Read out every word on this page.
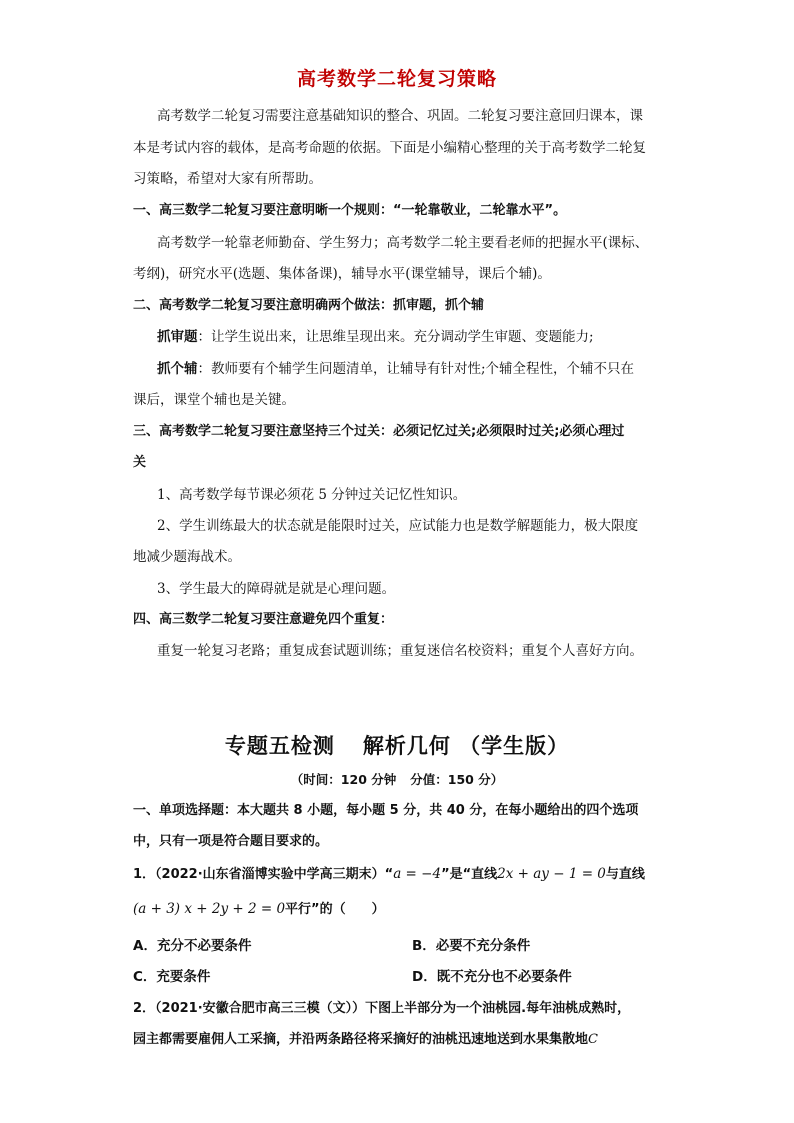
高考数学二轮复习策略
高考数学二轮复习需要注意基础知识的整合、巩固。二轮复习要注意回归课本，课
本是考试内容的载体，是高考命题的依据。下面是小编精心整理的关于高考数学二轮复
习策略，希望对大家有所帮助。
一、高三数学二轮复习要注意明晰一个规则：“一轮靠敬业，二轮靠水平”。
高考数学一轮靠老师勤奋、学生努力；高考数学二轮主要看老师的把握水平(课标、
考纲)，研究水平(选题、集体备课)，辅导水平(课堂辅导，课后个辅)。
二、高考数学二轮复习要注意明确两个做法：抓审题，抓个辅
抓审题：让学生说出来，让思维呈现出来。充分调动学生审题、变题能力;
抓个辅：教师要有个辅学生问题清单，让辅导有针对性;个辅全程性，个辅不只在
课后，课堂个辅也是关键。
三、高考数学二轮复习要注意坚持三个过关：必须记忆过关;必须限时过关;必须心理过
关
1、高考数学每节课必须花 5 分钟过关记忆性知识。
2、学生训练最大的状态就是能限时过关，应试能力也是数学解题能力，极大限度
地减少题海战术。
3、学生最大的障碍就是就是心理问题。
四、高三数学二轮复习要注意避免四个重复：
重复一轮复习老路；重复成套试题训练；重复迷信名校资料；重复个人喜好方向。
专题五检测 解析几何 （学生版）
（时间：120 分钟 分值：150 分）
一、单项选择题：本大题共 8 小题，每小题 5 分，共 40 分，在每小题给出的四个选项
中，只有一项是符合题目要求的。
1．（2022·山东省淄博实验中学高三期末）“a = −4”是“直线2x + ay − 1 = 0与直线
(a + 3) x + 2y + 2 = 0平行”的（　　）
A．充分不必要条件	B．必要不充分条件
C．充要条件	D．既不充分也不必要条件
2．（2021·安徽合肥市高三三模（文））下图上半部分为一个油桃园.每年油桃成熟时，
园主都需要雇佣人工采摘，并沿两条路径将采摘好的油桃迅速地送到水果集散地C
